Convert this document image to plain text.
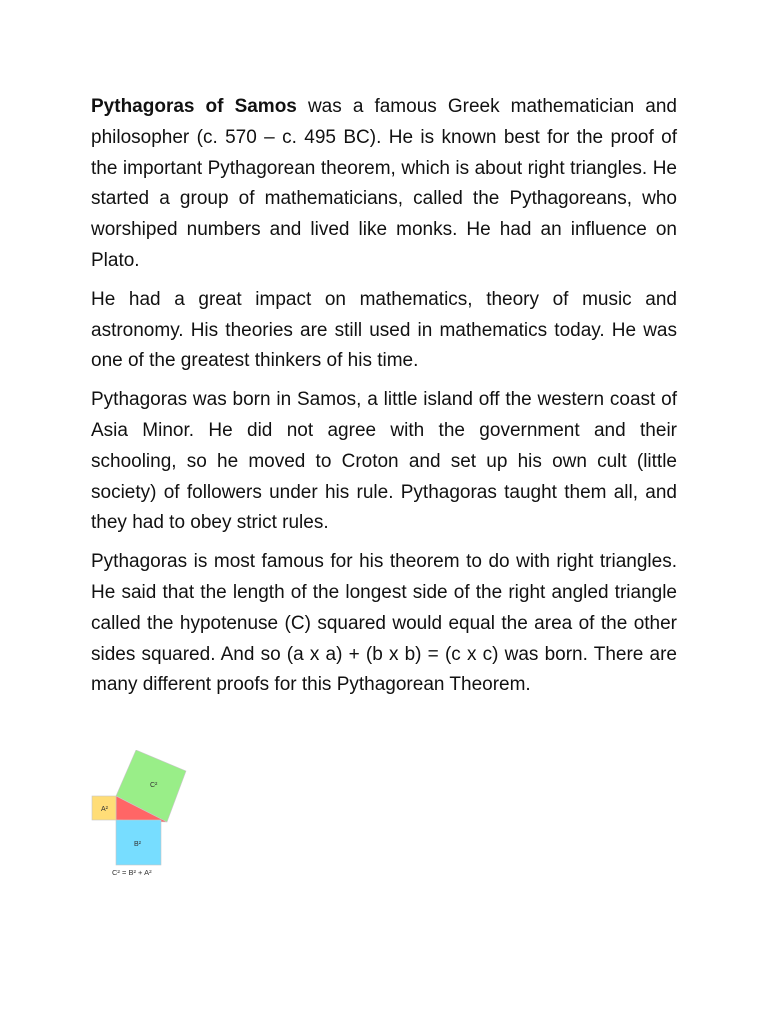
Pythagoras of Samos was a famous Greek mathematician and philosopher (c. 570 – c. 495 BC). He is known best for the proof of the important Pythagorean theorem, which is about right triangles. He started a group of mathematicians, called the Pythagoreans, who worshiped numbers and lived like monks. He had an influence on Plato.

He had a great impact on mathematics, theory of music and astronomy. His theories are still used in mathematics today. He was one of the greatest thinkers of his time.

Pythagoras was born in Samos, a little island off the western coast of Asia Minor. He did not agree with the government and their schooling, so he moved to Croton and set up his own cult (little society) of followers under his rule. Pythagoras taught them all, and they had to obey strict rules.

Pythagoras is most famous for his theorem to do with right triangles. He said that the length of the longest side of the right angled triangle called the hypotenuse (C) squared would equal the area of the other sides squared. And so (a x a) + (b x b) = (c x c) was born. There are many different proofs for this Pythagorean Theorem.

C²
A²
B²
C² = B² + A²
